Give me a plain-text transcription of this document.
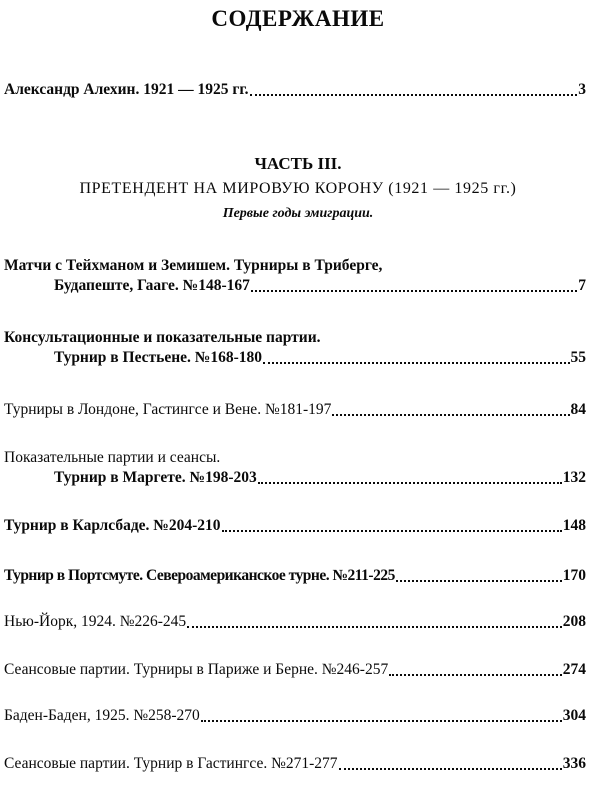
СОДЕРЖАНИЕ
Александр Алехин. 1921 — 1925 гг.	3
ЧАСТЬ III.
ПРЕТЕНДЕНТ НА МИРОВУЮ КОРОНУ (1921 — 1925 гг.)
Первые годы эмиграции.
Матчи с Тейхманом и Земишем. Турниры в Триберге,
Будапеште, Гааге. №148-167	7
Консультационные и показательные партии.
Турнир в Пестьене. №168-180	55
Турниры в Лондоне, Гастингсе и Вене. №181-197	84
Показательные партии и сеансы.
Турнир в Маргете. №198-203	132
Турнир в Карлсбаде. №204-210	148
Турнир в Портсмуте. Североамериканское турне. №211-225	170
Нью-Йорк, 1924. №226-245	208
Сеансовые партии. Турниры в Париже и Берне. №246-257	274
Баден-Баден, 1925. №258-270	304
Сеансовые партии. Турнир в Гастингсе. №271-277	336
